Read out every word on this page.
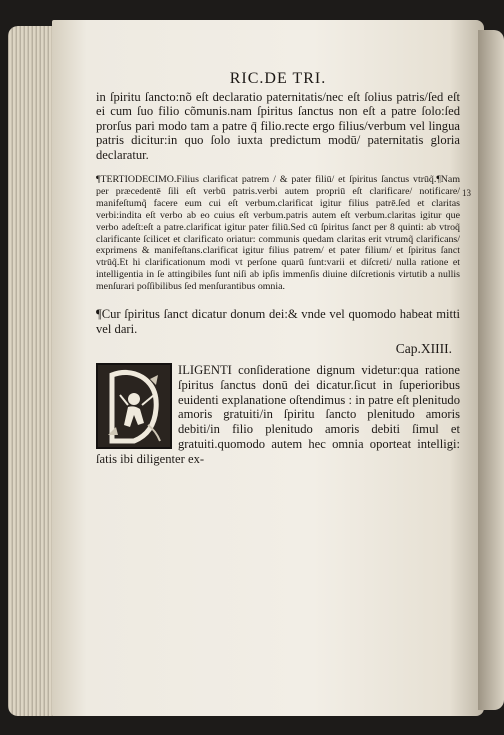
RIC.DE TRI.

in ſpiritu ſancto:nõ eſt declaratio paternitatis/nec eſt ſolius patris/ſed eſt ei cum ſuo filio cõmunis.nam ſpiritus ſanctus non eſt a patre ſolo:ſed prorſus pari modo tam a patre q̄ filio.recte ergo filius/verbum vel lingua patris dicitur:in quo ſolo iuxta predictum modū/ paternitatis gloria declaratur.

¶TERTIODECIMO.Filius clarificat patrem / & pater filiū/ et ſpiritus ſanctus vtrūq̃.¶Nam per præcedentē ſili eſt verbū patris.verbi autem propriū eſt clarificare/ notificare/ manifeſtumq̃ facere eum cui eſt verbum.clarificat igitur filius patrē.ſed et claritas verbi:indita eſt verbo ab eo cuius eſt verbum.patris autem eſt verbum.claritas igitur que verbo adeſt:eſt a patre.clarificat igitur pater filiū.Sed cū ſpiritus ſanct per 8 quinti: ab vtroq̃ clarificante ſcilicet et clarificato oriatur: communis quedam claritas erit vtrumq̃ clarificans/ exprimens & manifeſtans.clarificat igitur filius patrem/ et pater filium/ et ſpiritus ſanct vtrūq̃.Et hi clarificationum modi vt perſone quarū ſunt:varii et diſcreti/ nulla ratione et intelligentia in ſe attingibiles ſunt niſi ab ipſis immenſis diuine diſcretionis virtutib a nullis menſurari poſſibilibus ſed menſurantibus omnia.

¶Cur ſpiritus ſanct dicatur donum dei:& vnde vel quomodo habeat mitti vel dari.

Cap.XIIII.

ILIGENTI conſideratione dignum videtur:qua ratione ſpiritus ſanctus donū dei dicatur.ſicut in ſuperioribus euidenti explanatione oſtendimus : in patre eſt plenitudo amoris gratuiti/in ſpiritu ſancto plenitudo amoris debiti/in filio plenitudo amoris debiti ſimul et gratuiti.quomodo autem hec omnia oporteat intelligi: ſatis ibi diligenter ex-

13
